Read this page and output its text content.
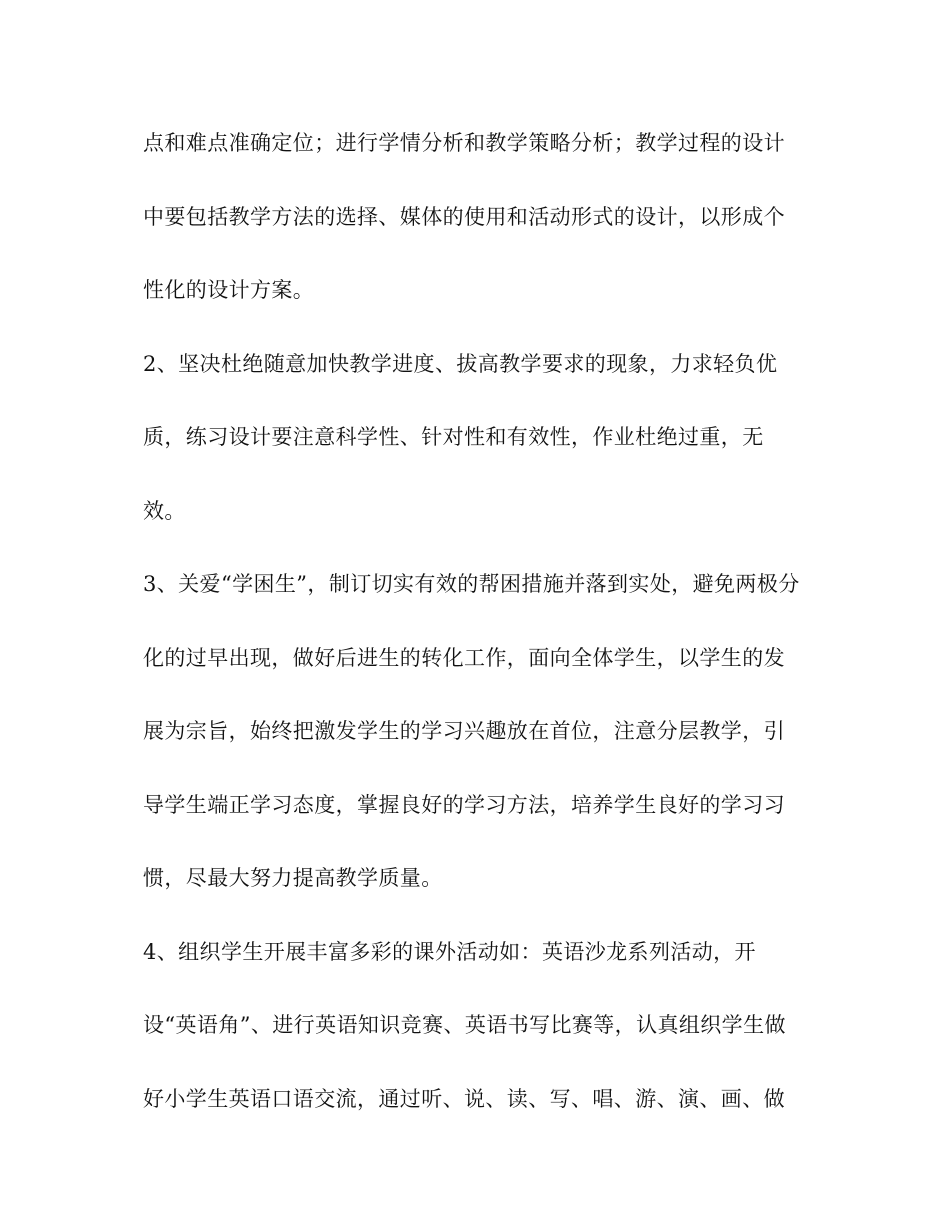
点和难点准确定位；进行学情分析和教学策略分析；教学过程的设计
中要包括教学方法的选择、媒体的使用和活动形式的设计，以形成个
性化的设计方案。
2、坚决杜绝随意加快教学进度、拔高教学要求的现象，力求轻负优
质，练习设计要注意科学性、针对性和有效性，作业杜绝过重，无
效。
3、关爱“学困生”，制订切实有效的帮困措施并落到实处，避免两极分
化的过早出现，做好后进生的转化工作，面向全体学生，以学生的发
展为宗旨，始终把激发学生的学习兴趣放在首位，注意分层教学，引
导学生端正学习态度，掌握良好的学习方法，培养学生良好的学习习
惯，尽最大努力提高教学质量。
4、组织学生开展丰富多彩的课外活动如：英语沙龙系列活动，开
设“英语角”、进行英语知识竞赛、英语书写比赛等，认真组织学生做
好小学生英语口语交流，通过听、说、读、写、唱、游、演、画、做
